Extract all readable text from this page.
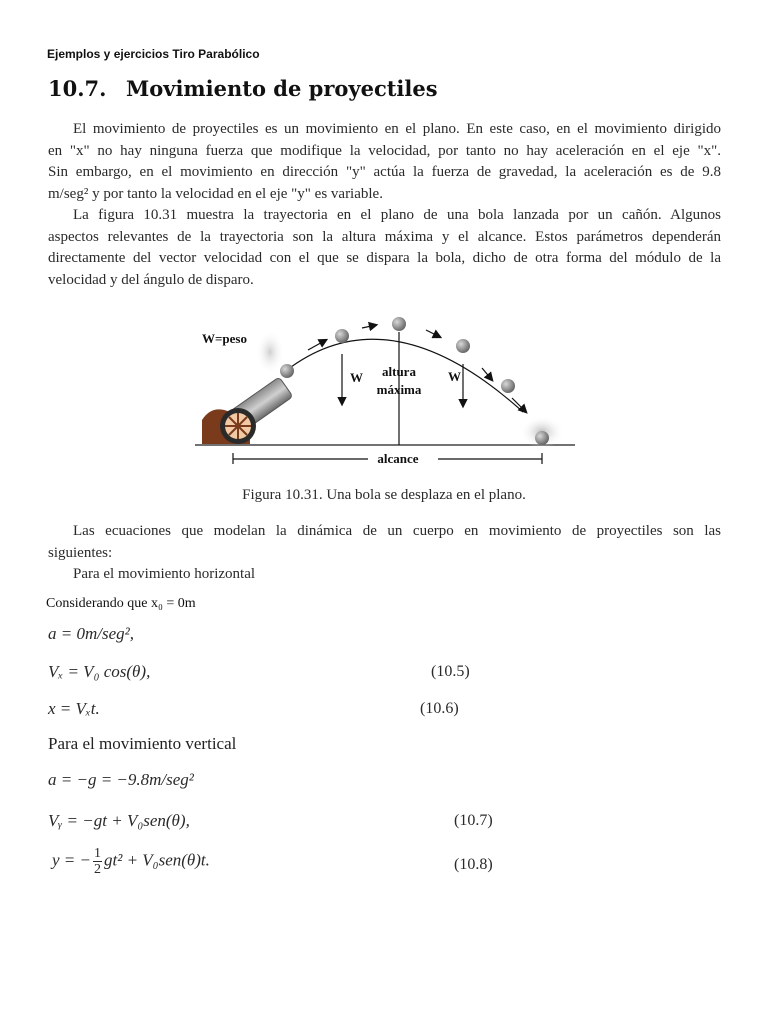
Ejemplos y ejercicios Tiro Parabólico
10.7. Movimiento de proyectiles
El movimiento de proyectiles es un movimiento en el plano. En este caso, en el movimiento dirigido
en "x" no hay ninguna fuerza que modifique la velocidad, por tanto no hay aceleración en el eje "x".
Sin embargo, en el movimiento en dirección "y" actúa la fuerza de gravedad, la aceleración es de 9.8
m/seg² y por tanto la velocidad en el eje "y" es variable.
La figura 10.31 muestra la trayectoria en el plano de una bola lanzada por un cañón. Algunos
aspectos relevantes de la trayectoria son la altura máxima y el alcance. Estos parámetros dependerán
directamente del vector velocidad con el que se dispara la bola, dicho de otra forma del módulo de la
velocidad y del ángulo de disparo.
W=peso
W	W
altura
máxima
alcance
Figura 10.31. Una bola se desplaza en el plano.
Las ecuaciones que modelan la dinámica de un cuerpo en movimiento de proyectiles son las
siguientes:
Para el movimiento horizontal
Considerando que x₀ = 0m
a = 0m/seg²,
Vₓ = V₀ cos(θ),	(10.5)
x = Vₓt.	(10.6)
Para el movimiento vertical
a = −g = −9.8m/seg²
Vᵧ = −gt + V₀sen(θ),	(10.7)
y = − $\frac{1}{2} gt^2 + V_0sen(\theta)t$.	(10.8)
